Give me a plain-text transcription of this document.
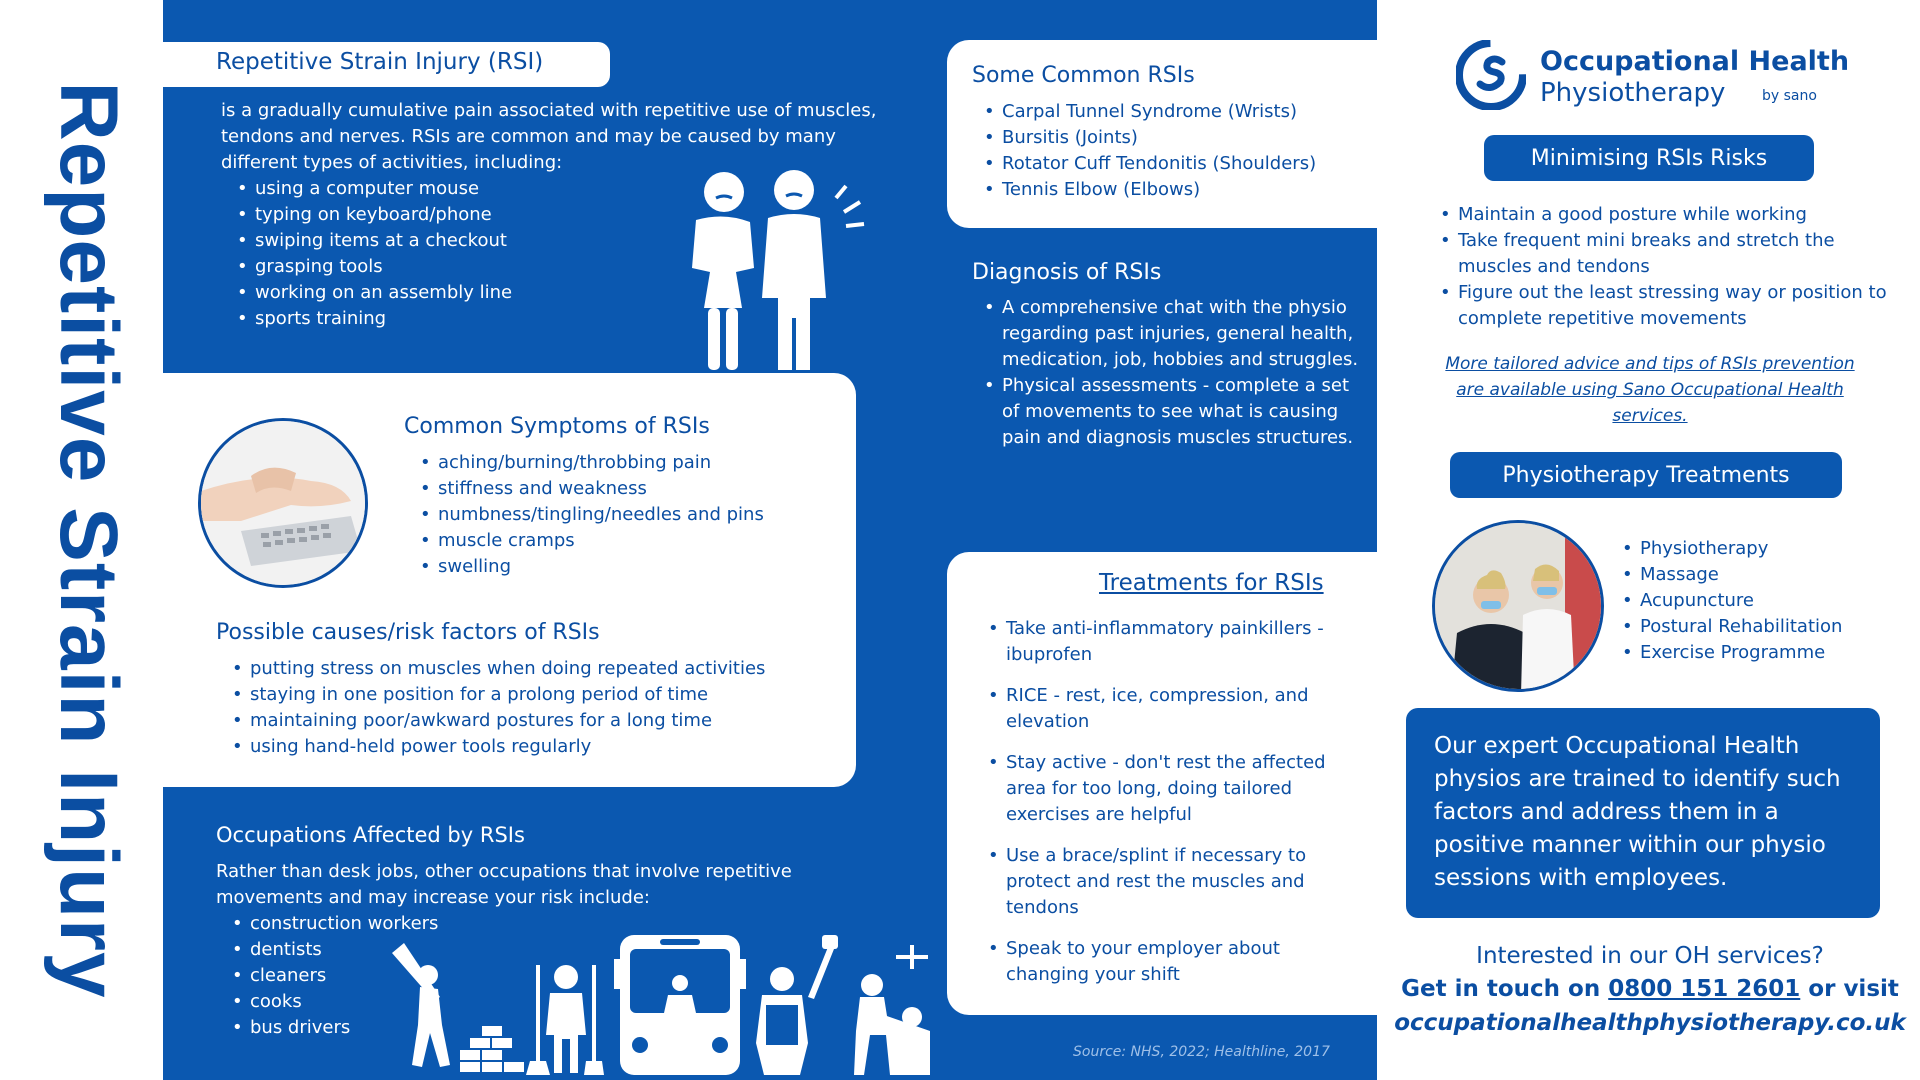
Repetitive Strain Injury
Repetitive Strain Injury (RSI)
is a gradually cumulative pain associated with repetitive use of muscles, tendons and nerves. RSIs are common and may be caused by many different types of activities, including:
• using a computer mouse
• typing on keyboard/phone
• swiping items at a checkout
• grasping tools
• working on an assembly line
• sports training
Common Symptoms of RSIs
• aching/burning/throbbing pain
• stiffness and weakness
• numbness/tingling/needles and pins
• muscle cramps
• swelling
Possible causes/risk factors of RSIs
• putting stress on muscles when doing repeated activities
• staying in one position for a prolong period of time
• maintaining poor/awkward postures for a long time
• using hand-held power tools regularly
Occupations Affected by RSIs
Rather than desk jobs, other occupations that involve repetitive movements and may increase your risk include:
• construction workers
• dentists
• cleaners
• cooks
• bus drivers
Some Common RSIs
• Carpal Tunnel Syndrome (Wrists)
• Bursitis (Joints)
• Rotator Cuff Tendonitis (Shoulders)
• Tennis Elbow (Elbows)
Diagnosis of RSIs
• A comprehensive chat with the physio regarding past injuries, general health, medication, job, hobbies and struggles.
• Physical assessments - complete a set of movements to see what is causing pain and diagnosis muscles structures.
Treatments for RSIs
• Take anti-inflammatory painkillers - ibuprofen
• RICE - rest, ice, compression, and elevation
• Stay active - don't rest the affected area for too long, doing tailored exercises are helpful
• Use a brace/splint if necessary to protect and rest the muscles and tendons
• Speak to your employer about changing your shift
Source: NHS, 2022; Healthline, 2017
Occupational Health
Physiotherapy	by sano
Minimising RSIs Risks
• Maintain a good posture while working
• Take frequent mini breaks and stretch the muscles and tendons
• Figure out the least stressing way or position to complete repetitive movements
More tailored advice and tips of RSIs prevention are available using Sano Occupational Health services.
Physiotherapy Treatments
• Physiotherapy
• Massage
• Acupuncture
• Postural Rehabilitation
• Exercise Programme
Our expert Occupational Health physios are trained to identify such factors and address them in a positive manner within our physio sessions with employees.
Interested in our OH services?
Get in touch on 0800 151 2601 or visit
occupationalhealthphysiotherapy.co.uk
